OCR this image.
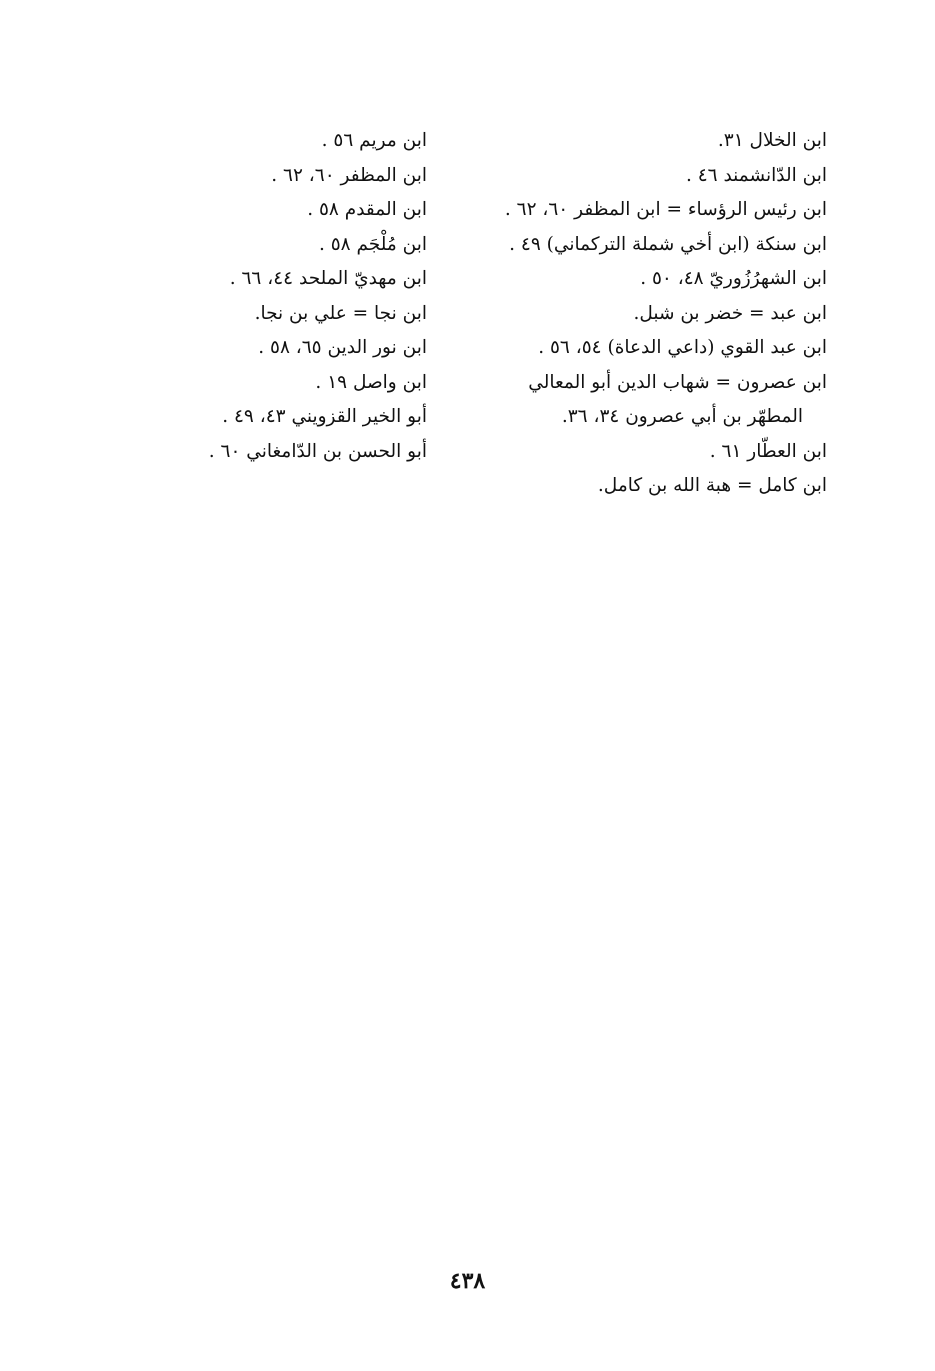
ابن الخلال ٣١.
ابن الدّانشمند ٤٦ .
ابن رئيس الرؤساء = ابن المظفر ٦٠، ٦٢ .
ابن سنكة (ابن أخي شملة التركماني) ٤٩ .
ابن الشهرُزُوريّ ٤٨، ٥٠ .
ابن عبد = خضر بن شبل.
ابن عبد القوي (داعي الدعاة) ٥٤، ٥٦ .
ابن عصرون = شهاب الدين أبو المعالي
المطهّر بن أبي عصرون ٣٤، ٣٦.
ابن العطّار ٦١ .
ابن كامل = هبة الله بن كامل.
ابن مريم ٥٦ .
ابن المظفر ٦٠، ٦٢ .
ابن المقدم ٥٨ .
ابن مُلْجَم ٥٨ .
ابن مهديّ الملحد ٤٤، ٦٦ .
ابن نجا = علي بن نجا.
ابن نور الدين ٦٥، ٥٨ .
ابن واصل ١٩ .
أبو الخير القزويني ٤٣، ٤٩ .
أبو الحسن بن الدّامغاني ٦٠ .
٤٣٨
